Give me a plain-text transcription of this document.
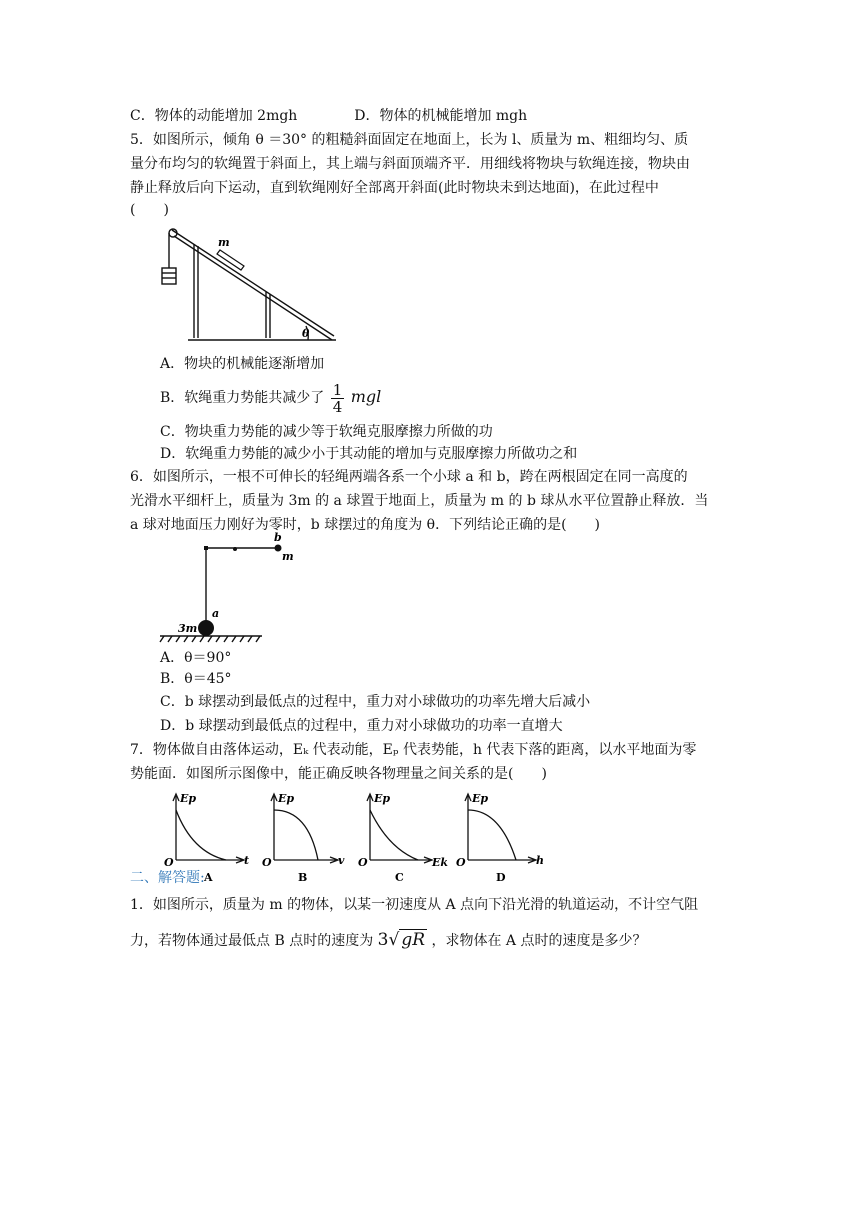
C．物体的动能增加 2mgh	D．物体的机械能增加 mgh
5．如图所示，倾角 θ ＝30° 的粗糙斜面固定在地面上，长为 l、质量为 m、粗细均匀、质
量分布均匀的软绳置于斜面上，其上端与斜面顶端齐平．用细线将物块与软绳连接，物块由
静止释放后向下运动，直到软绳刚好全部离开斜面(此时物块未到达地面)，在此过程中
(　　)
m
θ
A．物块的机械能逐渐增加
B．软绳重力势能共减少了 $\frac{1}{4}$ mgl
C．物块重力势能的减少等于软绳克服摩擦力所做的功
D．软绳重力势能的减少小于其动能的增加与克服摩擦力所做功之和
6．如图所示，一根不可伸长的轻绳两端各系一个小球 a 和 b，跨在两根固定在同一高度的
光滑水平细杆上，质量为 3m 的 a 球置于地面上，质量为 m 的 b 球从水平位置静止释放．当
a 球对地面压力刚好为零时，b 球摆过的角度为 θ．下列结论正确的是(　　)
b
m
a
3m
A．θ＝90°
B．θ＝45°
C．b 球摆动到最低点的过程中，重力对小球做功的功率先增大后减小
D．b 球摆动到最低点的过程中，重力对小球做功的功率一直增大
7．物体做自由落体运动，Eₖ 代表动能，Eₚ 代表势能，h 代表下落的距离，以水平地面为零
势能面．如图所示图像中，能正确反映各物理量之间关系的是(　　)
Ep
O	t
A
Ep
O	v
B
Ep
O	Ek
C
Ep
O	h
D
二、解答题:
1．如图所示，质量为 m 的物体，以某一初速度从 A 点向下沿光滑的轨道运动，不计空气阻
力，若物体通过最低点 B 点时的速度为 3√ gR ，求物体在 A 点时的速度是多少？
